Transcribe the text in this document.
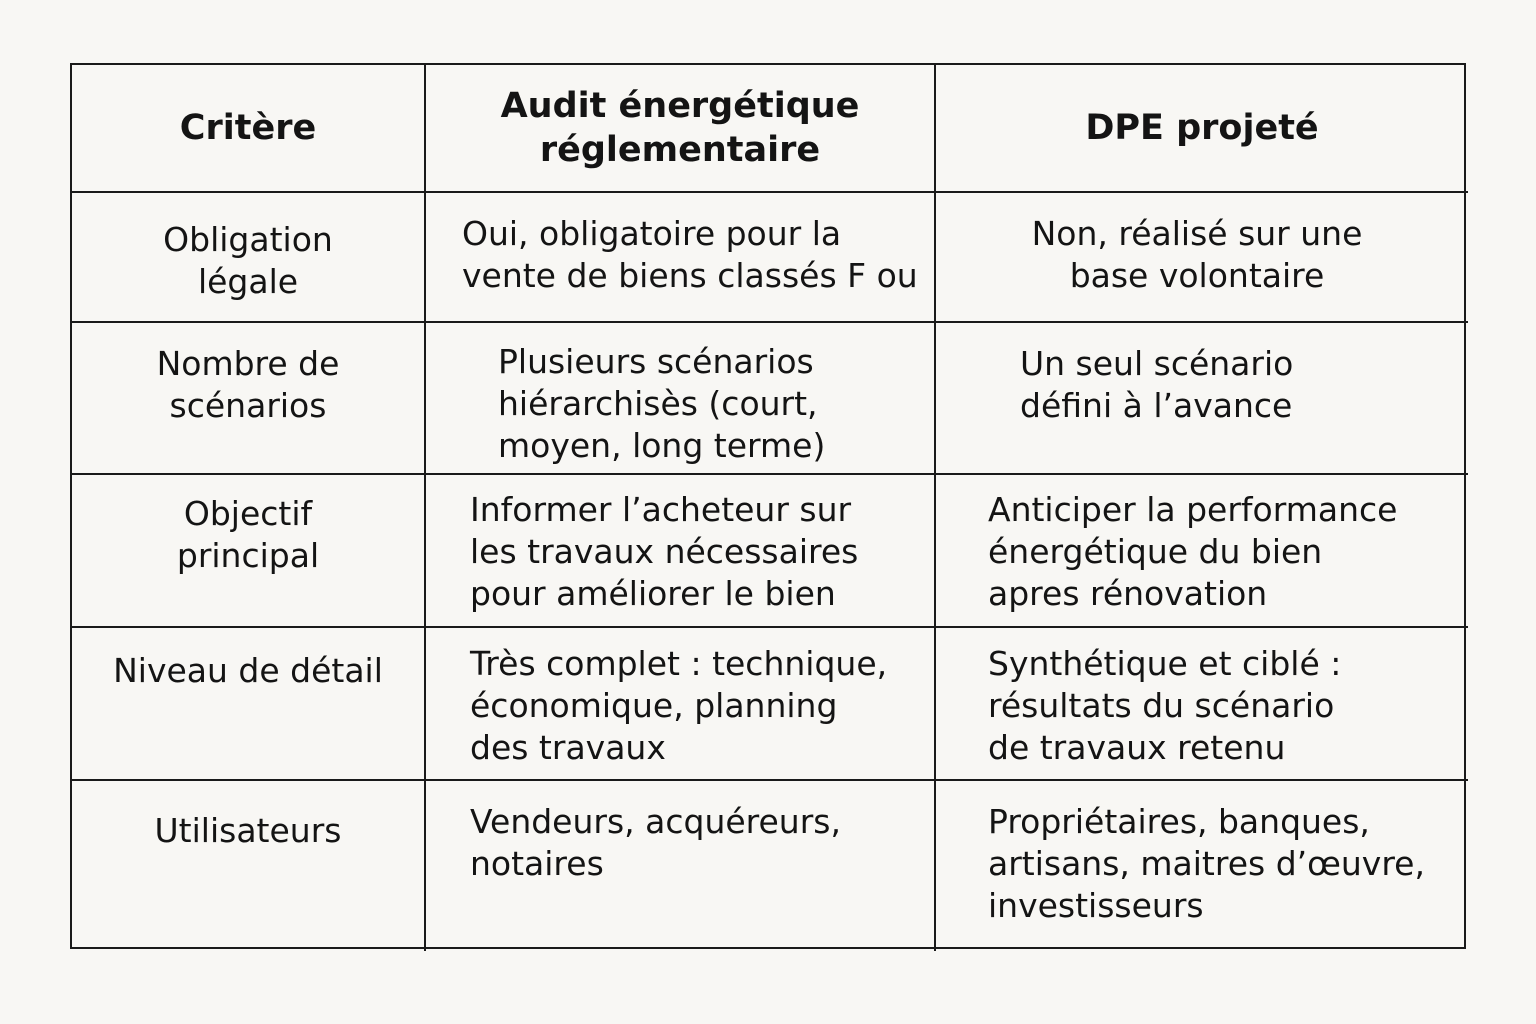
Critère
Audit énergétique
réglementaire
DPE projeté
Obligation
légale
Oui, obligatoire pour la
vente de biens classés F ou
Non, réalisé sur une
base volontaire
Nombre de
scénarios
Plusieurs scénarios
hiérarchisès (court,
moyen, long terme)
Un seul scénario
défini à l’avance
Objectif
principal
Informer l’acheteur sur
les travaux nécessaires
pour améliorer le bien
Anticiper la performance
énergétique du bien
apres rénovation
Niveau de détail	Très complet : technique,
économique, planning
des travaux
Synthétique et ciblé :
résultats du scénario
de travaux retenu
Utilisateurs	Vendeurs, acquéreurs,
notaires
Propriétaires, banques,
artisans, maitres d’œuvre,
investisseurs
